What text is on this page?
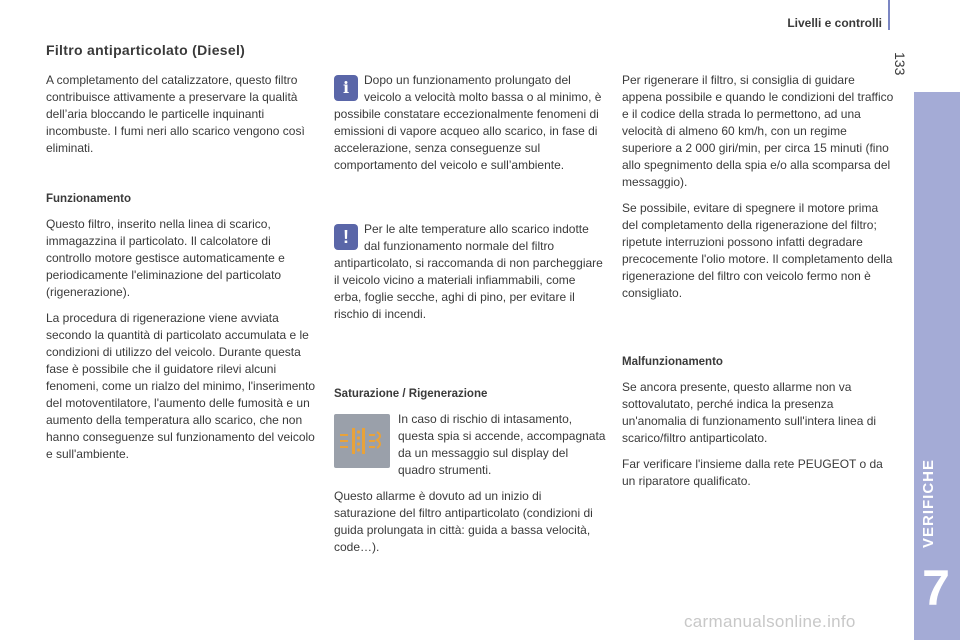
Livelli e controlli
133
VERIFICHE
7
Filtro antiparticolato (Diesel)

A completamento del catalizzatore, questo filtro contribuisce attivamente a preservare la qualità dell’aria bloccando le particelle inquinanti incombuste. I fumi neri allo scarico vengono così eliminati.

Funzionamento

Questo filtro, inserito nella linea di scarico, immagazzina il particolato. Il calcolatore di controllo motore gestisce automaticamente e periodicamente l'eliminazione del particolato (rigenerazione).

La procedura di rigenerazione viene avviata secondo la quantità di particolato accumulata e le condizioni di utilizzo del veicolo. Durante questa fase è possibile che il guidatore rilevi alcuni fenomeni, come un rialzo del minimo, l'inserimento del motoventilatore, l'aumento delle fumosità e un aumento della temperatura allo scarico, che non hanno conseguenze sul funzionamento del veicolo e sull'ambiente.

i	Dopo un funzionamento prolungato del veicolo a velocità molto bassa o al minimo, è possibile constatare eccezionalmente fenomeni di emissioni di vapore acqueo allo scarico, in fase di accelerazione, senza conseguenze sul comportamento del veicolo e sull’ambiente.

!	Per le alte temperature allo scarico indotte dal funzionamento normale del filtro antiparticolato, si raccomanda di non parcheggiare il veicolo vicino a materiali infiammabili, come erba, foglie secche, aghi di pino, per evitare il rischio di incendi.

Saturazione / Rigenerazione

In caso di rischio di intasamento, questa spia si accende, accompagnata da un messaggio sul display del quadro strumenti.

Questo allarme è dovuto ad un inizio di saturazione del filtro antiparticolato (condizioni di guida prolungata in città: guida a bassa velocità, code…).

Per rigenerare il filtro, si consiglia di guidare appena possibile e quando le condizioni del traffico e il codice della strada lo permettono, ad una velocità di almeno 60 km/h, con un regime superiore a 2 000 giri/min, per circa 15 minuti (fino allo spegnimento della spia e/o alla scomparsa del messaggio).

Se possibile, evitare di spegnere il motore prima del completamento della rigenerazione del filtro; ripetute interruzioni possono infatti degradare precocemente l'olio motore. Il completamento della rigenerazione del filtro con veicolo fermo non è consigliato.

Malfunzionamento

Se ancora presente, questo allarme non va sottovalutato, perché indica la presenza un'anomalia di funzionamento sull'intera linea di scarico/filtro antiparticolato.

Far verificare l'insieme dalla rete PEUGEOT o da un riparatore qualificato.

carmanualsonline.info
